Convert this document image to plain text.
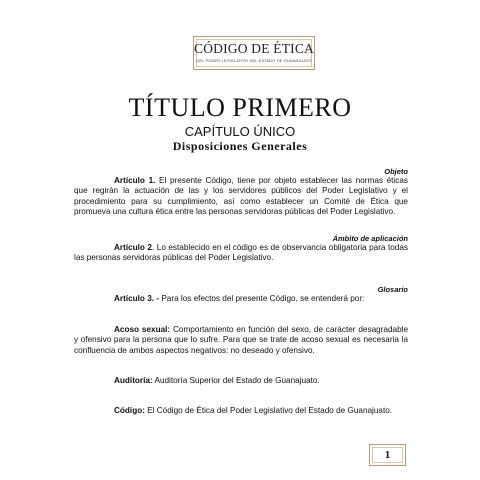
CÓDIGO DE ÉTICA
DEL PODER LEGISLATIVO DEL ESTADO DE GUANAJUATO
TÍTULO PRIMERO
CAPÍTULO ÚNICO
Disposiciones Generales
Objeto
Artículo 1. El presente Código, tiene por objeto establecer las normas éticas que regirán la actuación de las y los servidores públicos del Poder Legislativo y el procedimiento para su cumplimiento, así como establecer un Comité de Ética que promueva una cultura ética entre las personas servidoras públicas del Poder Legislativo.
Ámbito de aplicación
Artículo 2. Lo establecido en el código es de observancia obligatoria para todas las personas servidoras públicas del Poder Legislativo.
Glosario
Artículo 3. - Para los efectos del presente Código, se entenderá por:
Acoso sexual: Comportamiento en función del sexo, de carácter desagradable y ofensivo para la persona que lo sufre. Para que se trate de acoso sexual es necesaria la confluencia de ambos aspectos negativos: no deseado y ofensivo.
Auditoría: Auditoría Superior del Estado de Guanajuato.
Código: El Código de Ética del Poder Legislativo del Estado de Guanajuato.
1
